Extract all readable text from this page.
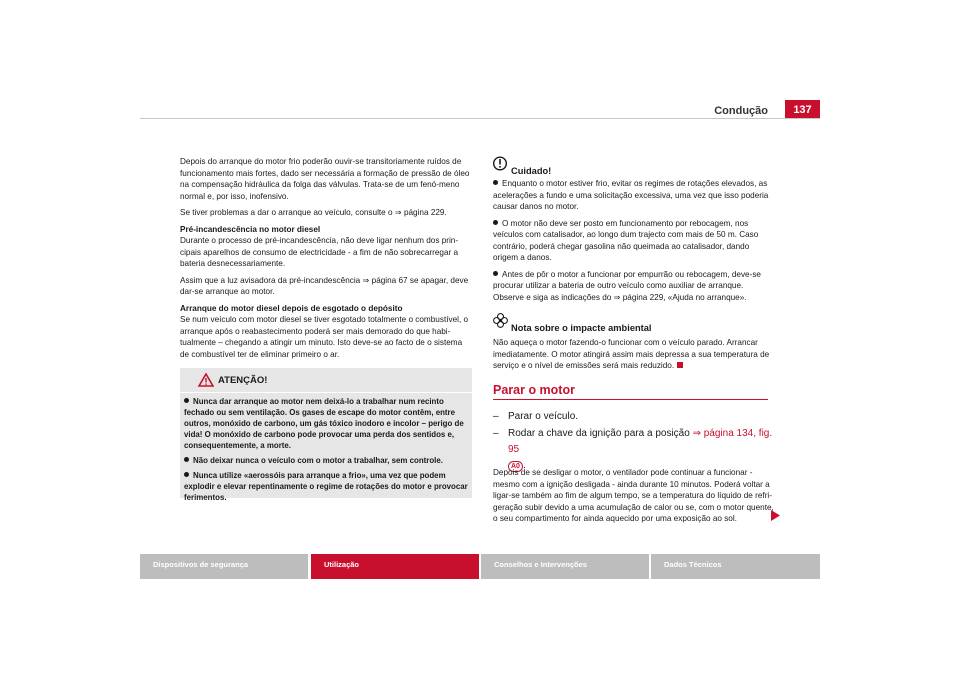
Condução	137

Depois do arranque do motor frio poderão ouvir-se transitoriamente ruídos de funcionamento mais fortes, dado ser necessária a formação de pressão de óleo na compensação hidráulica da folga das válvulas. Trata-se de um fenó-meno normal e, por isso, inofensivo.

Se tiver problemas a dar o arranque ao veículo, consulte o ⇒ página 229.

Pré-incandescência no motor diesel

Durante o processo de pré-incandescência, não deve ligar nenhum dos prin-cipais aparelhos de consumo de electricidade - a fim de não sobrecarregar a bateria desnecessariamente.

Assim que a luz avisadora da pré-incandescência ⇒ página 67 se apagar, deve dar-se arranque ao motor.

Arranque do motor diesel depois de esgotado o depósito

Se num veículo com motor diesel se tiver esgotado totalmente o combustível, o arranque após o reabastecimento poderá ser mais demorado do que habi-tualmente – chegando a atingir um minuto. Isto deve-se ao facto de o sistema de combustível ter de eliminar primeiro o ar.

ATENÇÃO!
Nunca dar arranque ao motor nem deixá-lo a trabalhar num recinto fechado ou sem ventilação. Os gases de escape do motor contêm, entre outros, monóxido de carbono, um gás tóxico inodoro e incolor – perigo de vida! O monóxido de carbono pode provocar uma perda dos sentidos e, consequentemente, a morte.
Não deixar nunca o veículo com o motor a trabalhar, sem controle.
Nunca utilize «aerossóis para arranque a frio», uma vez que podem explodir e elevar repentinamente o regime de rotações do motor e provocar ferimentos.
Cuidado!
Enquanto o motor estiver frio, evitar os regimes de rotações elevados, as acelerações a fundo e uma solicitação excessiva, uma vez que isso poderia causar danos no motor.
O motor não deve ser posto em funcionamento por rebocagem, nos veículos com catalisador, ao longo dum trajecto com mais de 50 m. Caso contrário, poderá chegar gasolina não queimada ao catalisador, dando origem a danos.
Antes de pôr o motor a funcionar por empurrão ou rebocagem, deve-se procurar utilizar a bateria de outro veículo como auxiliar de arranque. Observe e siga as indicações do ⇒ página 229, «Ajuda no arranque».
Nota sobre o impacte ambiental

Não aqueça o motor fazendo-o funcionar com o veículo parado. Arrancar imediatamente. O motor atingirá assim mais depressa a sua temperatura de serviço e o nível de emissões será mais reduzido.

Parar o motor
– Parar o veículo.
– Rodar a chave da ignição para a posição ⇒ página 134, fig. 95
A0 .
Depois de se desligar o motor, o ventilador pode continuar a funcionar - mesmo com a ignição desligada - ainda durante 10 minutos. Poderá voltar a ligar-se também ao fim de algum tempo, se a temperatura do líquido de refri-geração subir devido a uma acumulação de calor ou se, com o motor quente, o seu compartimento for ainda aquecido por uma exposição ao sol.
Dispositivos de segurança	Utilização	Conselhos e Intervenções	Dados Técnicos
